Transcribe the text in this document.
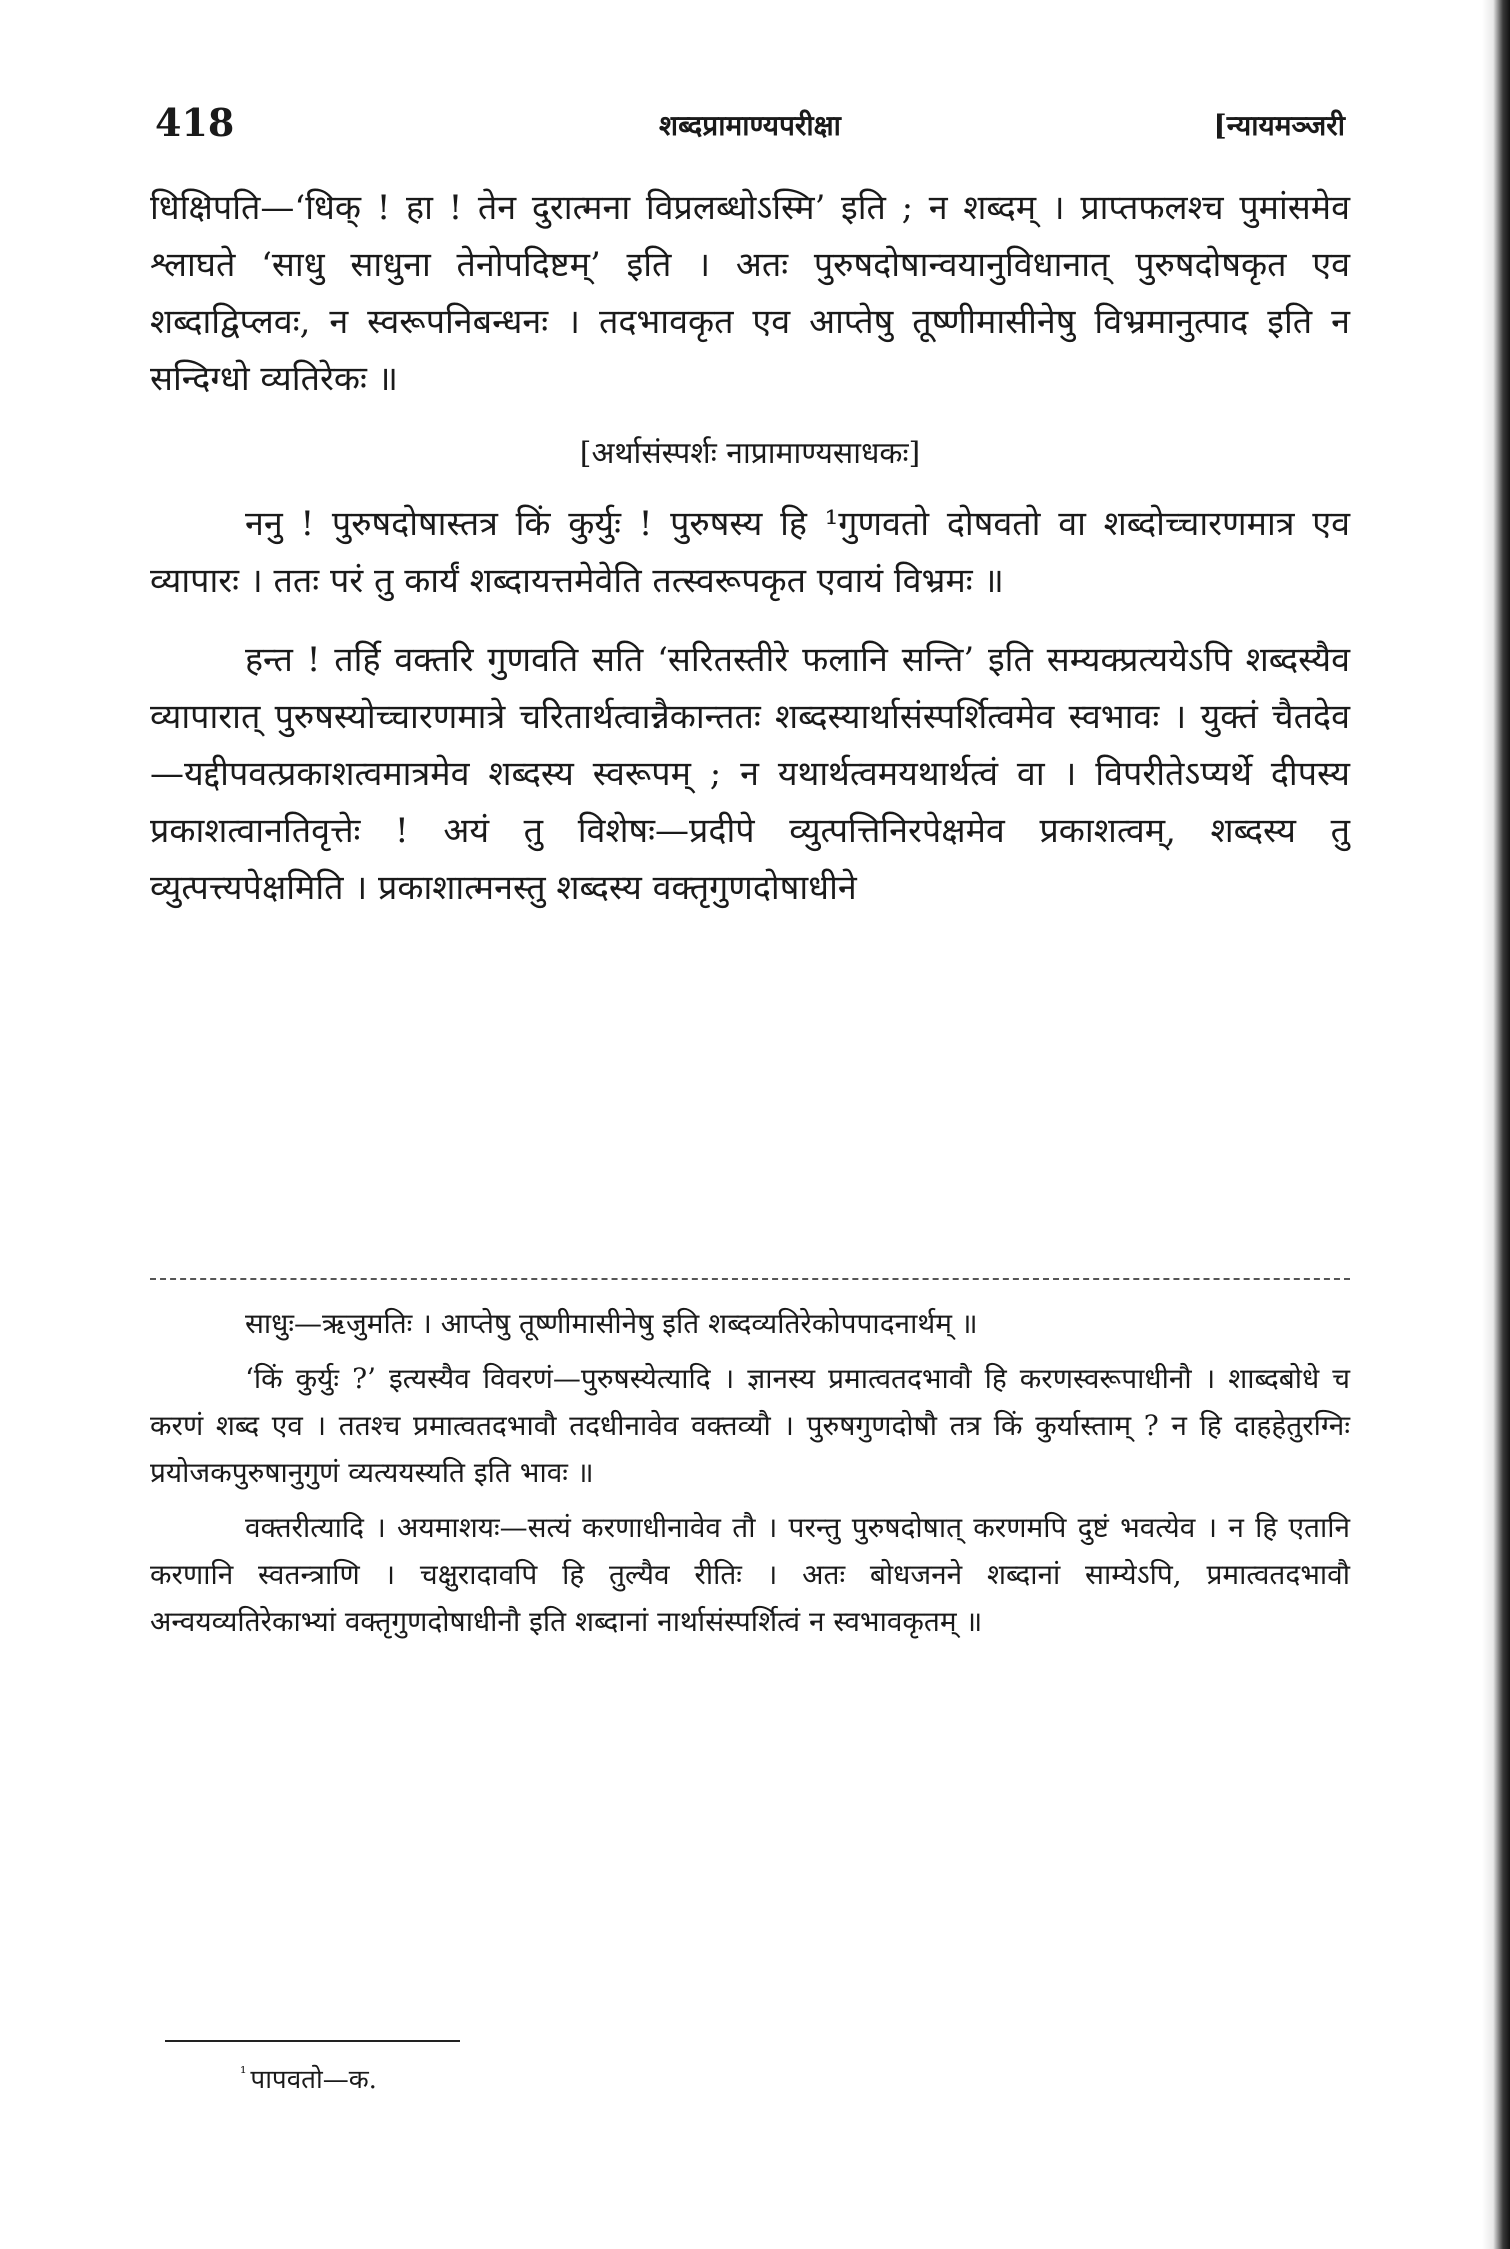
418	शब्दप्रामाण्यपरीक्षा	[न्यायमञ्जरी

धिक्षिपति—‘धिक् ! हा ! तेन दुरात्मना विप्रलब्धोऽस्मि’ इति ; न शब्दम् । प्राप्तफलश्च पुमांसमेव श्लाघते ‘साधु साधुना तेनोपदिष्टम्’ इति । अतः पुरुषदोषान्वयानुविधानात् पुरुषदोषकृत एव शब्दाद्विप्लवः, न स्वरूपनिबन्धनः । तदभावकृत एव आप्तेषु तूष्णीमासीनेषु विभ्रमानुत्पाद इति न सन्दिग्धो व्यतिरेकः ॥

[अर्थासंस्पर्शः नाप्रामाण्यसाधकः]

ननु ! पुरुषदोषास्तत्र किं कुर्युः ! पुरुषस्य हि ¹गुणवतो दोषवतो वा शब्दोच्चारणमात्र एव व्यापारः । ततः परं तु कार्यं शब्दायत्तमेवेति तत्स्वरूपकृत एवायं विभ्रमः ॥

हन्त ! तर्हि वक्तरि गुणवति सति ‘सरितस्तीरे फलानि सन्ति’ इति सम्यक्प्रत्ययेऽपि शब्दस्यैव व्यापारात् पुरुषस्योच्चारणमात्रे चरितार्थत्वान्नैकान्ततः शब्दस्यार्थासंस्पर्शित्वमेव स्वभावः । युक्तं चैतदेव—यद्दीपवत्प्रकाशत्वमात्रमेव शब्दस्य स्वरूपम् ; न यथार्थत्वमयथार्थत्वं वा । विपरीतेऽप्यर्थे दीपस्य प्रकाशत्वानतिवृत्तेः ! अयं तु विशेषः—प्रदीपे व्युत्पत्तिनिरपेक्षमेव प्रकाशत्वम्, शब्दस्य तु व्युत्पत्त्यपेक्षमिति । प्रकाशात्मनस्तु शब्दस्य वक्तृगुणदोषाधीने

साधुः—ऋजुमतिः । आप्तेषु तूष्णीमासीनेषु इति शब्दव्यतिरेकोपपादनार्थम् ॥

‘किं कुर्युः ?’ इत्यस्यैव विवरणं—पुरुषस्येत्यादि । ज्ञानस्य प्रमात्वतदभावौ हि करणस्वरूपाधीनौ । शाब्दबोधे च करणं शब्द एव । ततश्च प्रमात्वतदभावौ तदधीनावेव वक्तव्यौ । पुरुषगुणदोषौ तत्र किं कुर्यास्ताम् ? न हि दाहहेतुरग्निः प्रयोजकपुरुषानुगुणं व्यत्ययस्यति इति भावः ॥

वक्तरीत्यादि । अयमाशयः—सत्यं करणाधीनावेव तौ । परन्तु पुरुषदोषात् करणमपि दुष्टं भवत्येव । न हि एतानि करणानि स्वतन्त्राणि । चक्षुरादावपि हि तुल्यैव रीतिः । अतः बोधजनने शब्दानां साम्येऽपि, प्रमात्वतदभावौ अन्वयव्यतिरेकाभ्यां वक्तृगुणदोषाधीनौ इति शब्दानां नार्थासंस्पर्शित्वं न स्वभावकृतम् ॥

$^{^1}$ पापवतो—क.
